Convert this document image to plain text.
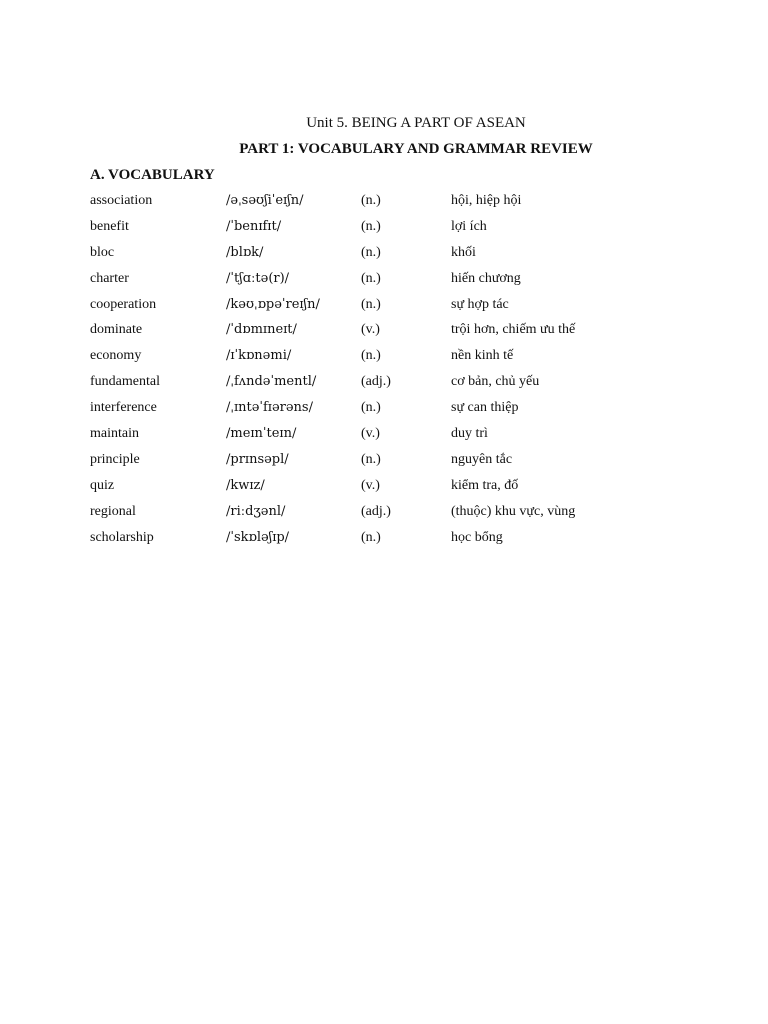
Unit 5. BEING A PART OF ASEAN
PART 1: VOCABULARY AND GRAMMAR REVIEW
A. VOCABULARY
association	/əˌsəʊʃiˈeɪʃn/	(n.)	hội, hiệp hội
benefit	/ˈbenɪfɪt/	(n.)	lợi ích
bloc	/blɒk/	(n.)	khối
charter	/ˈtʃɑːtə(r)/	(n.)	hiến chương
cooperation	/kəʊˌɒpəˈreɪʃn/	(n.)	sự hợp tác
dominate	/ˈdɒmɪneɪt/	(v.)	trội hơn, chiếm ưu thế
economy	/ɪˈkɒnəmi/	(n.)	nền kinh tế
fundamental	/ˌfʌndəˈmentl/	(adj.)	cơ bản, chủ yếu
interference	/ˌɪntəˈfɪərəns/	(n.)	sự can thiệp
maintain	/meɪnˈteɪn/	(v.)	duy trì
principle	/prɪnsəpl/	(n.)	nguyên tắc
quiz	/kwɪz/	(v.)	kiểm tra, đố
regional	/riːdʒənl/	(adj.)	(thuộc) khu vực, vùng
scholarship	/ˈskɒləʃɪp/	(n.)	học bổng
